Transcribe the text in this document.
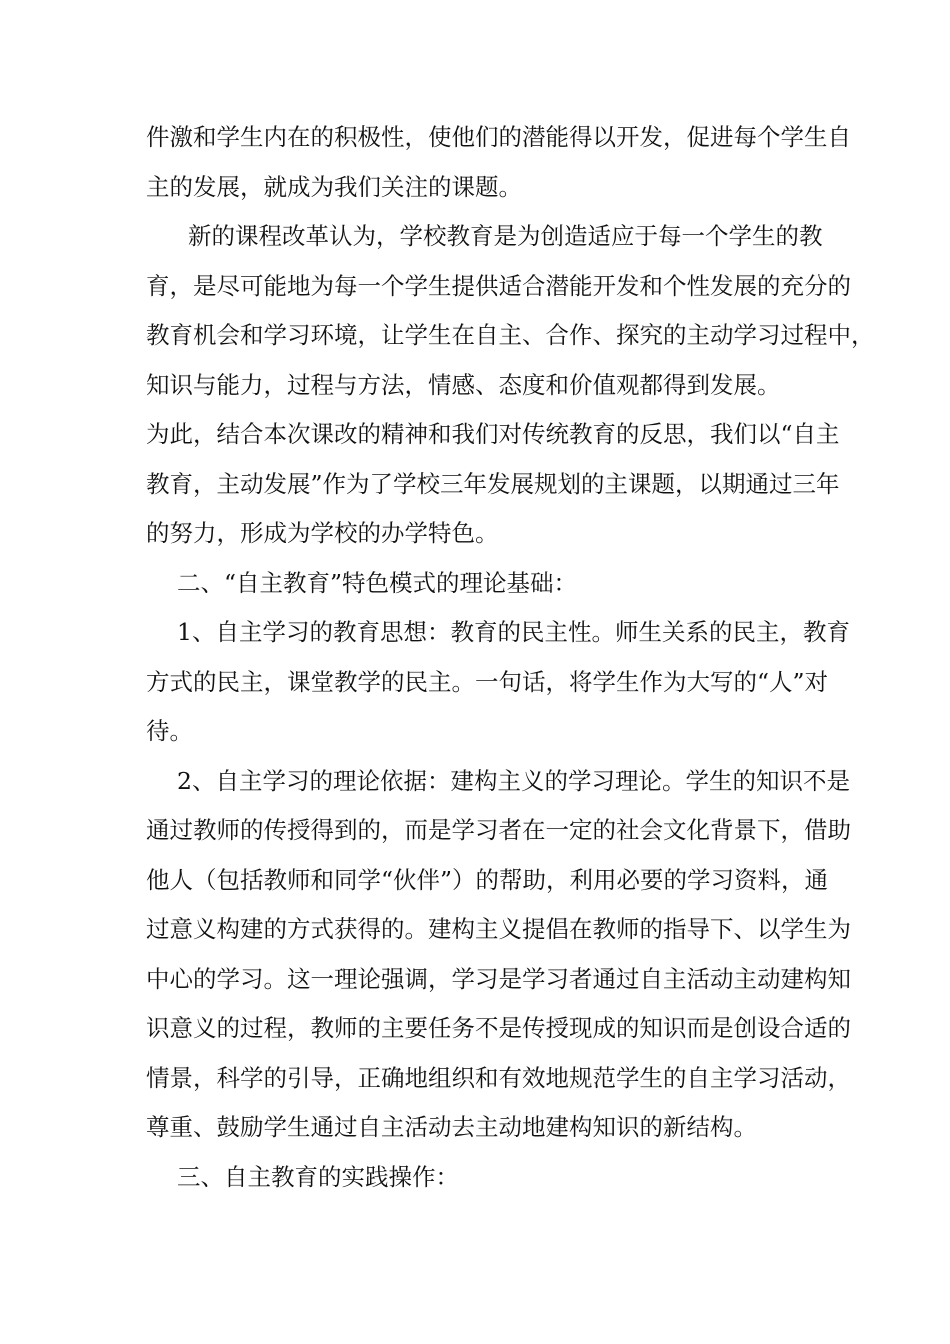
件激和学生内在的积极性，使他们的潜能得以开发，促进每个学生自
主的发展，就成为我们关注的课题。
新的课程改革认为，学校教育是为创造适应于每一个学生的教
育，是尽可能地为每一个学生提供适合潜能开发和个性发展的充分的
教育机会和学习环境，让学生在自主、合作、探究的主动学习过程中，
知识与能力，过程与方法，情感、态度和价值观都得到发展。
为此，结合本次课改的精神和我们对传统教育的反思，我们以“自主
教育，主动发展”作为了学校三年发展规划的主课题，以期通过三年
的努力，形成为学校的办学特色。
二、“自主教育”特色模式的理论基础：
1、自主学习的教育思想：教育的民主性。师生关系的民主，教育
方式的民主，课堂教学的民主。一句话，将学生作为大写的“人”对
待。
2、自主学习的理论依据：建构主义的学习理论。学生的知识不是
通过教师的传授得到的，而是学习者在一定的社会文化背景下，借助
他人（包括教师和同学“伙伴”）的帮助，利用必要的学习资料，通
过意义构建的方式获得的。建构主义提倡在教师的指导下、以学生为
中心的学习。这一理论强调，学习是学习者通过自主活动主动建构知
识意义的过程，教师的主要任务不是传授现成的知识而是创设合适的
情景，科学的引导，正确地组织和有效地规范学生的自主学习活动，
尊重、鼓励学生通过自主活动去主动地建构知识的新结构。
三、自主教育的实践操作：
